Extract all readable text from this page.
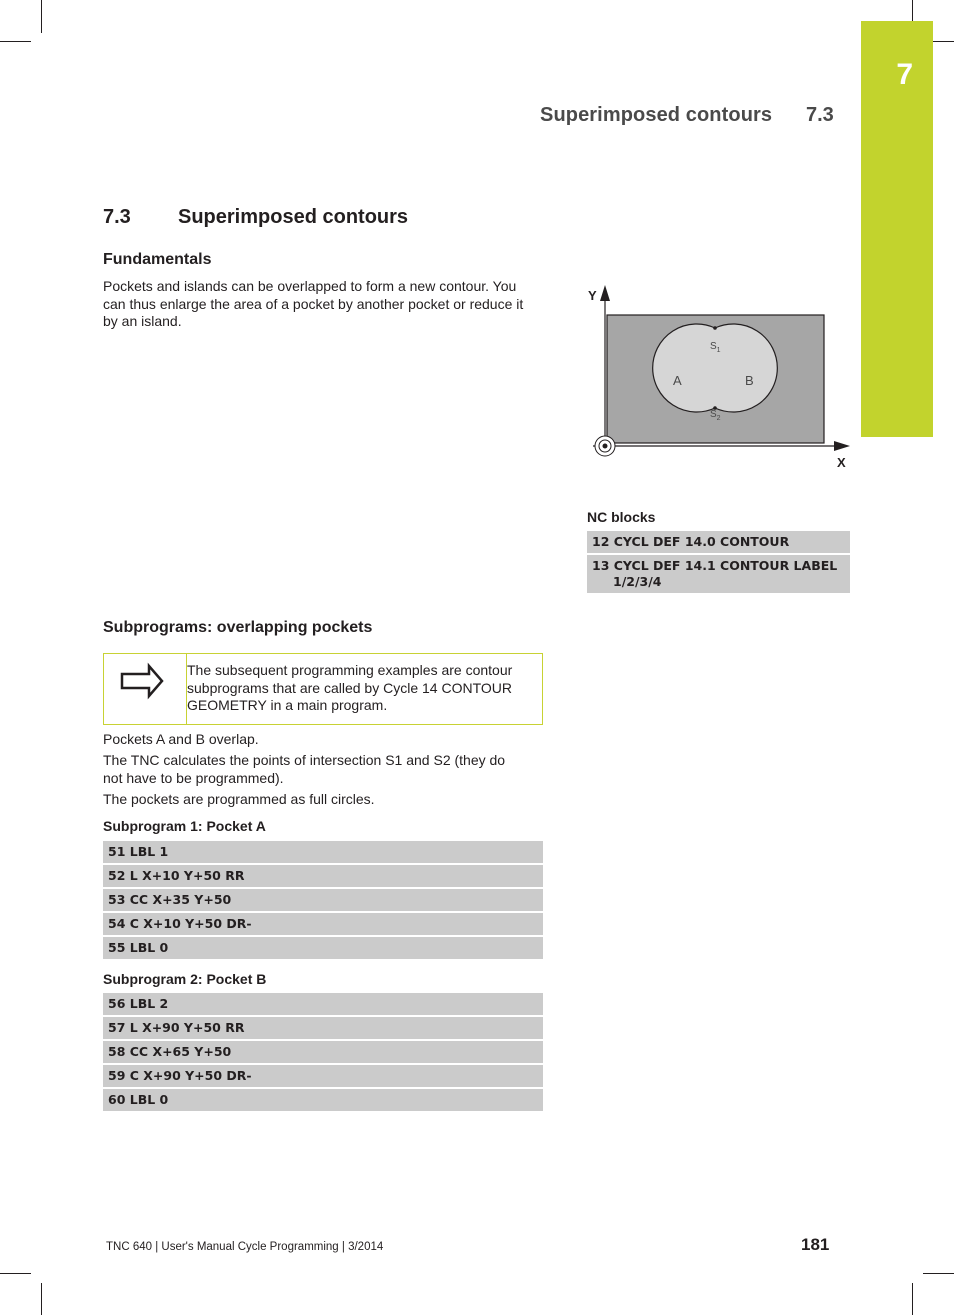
7
Superimposed contours 7.3
7.3 Superimposed contours
Fundamentals
Pockets and islands can be overlapped to form a new contour. You
can thus enlarge the area of a pocket by another pocket or reduce it
by an island.
Y
X
A	B
$S_1$
$S_2$
NC blocks
12 CYCL DEF 14.0 CONTOUR
13 CYCL DEF 14.1 CONTOUR LABEL
1/2/3/4
Subprograms: overlapping pockets
The subsequent programming examples are contour
subprograms that are called by Cycle 14 CONTOUR
GEOMETRY in a main program.
Pockets A and B overlap.
The TNC calculates the points of intersection S1 and S2 (they do
not have to be programmed).
The pockets are programmed as full circles.
Subprogram 1: Pocket A
51 LBL 1
52 L X+10 Y+50 RR
53 CC X+35 Y+50
54 C X+10 Y+50 DR-
55 LBL 0
Subprogram 2: Pocket B
56 LBL 2
57 L X+90 Y+50 RR
58 CC X+65 Y+50
59 C X+90 Y+50 DR-
60 LBL 0
TNC 640 | User's Manual Cycle Programming | 3/2014	181
